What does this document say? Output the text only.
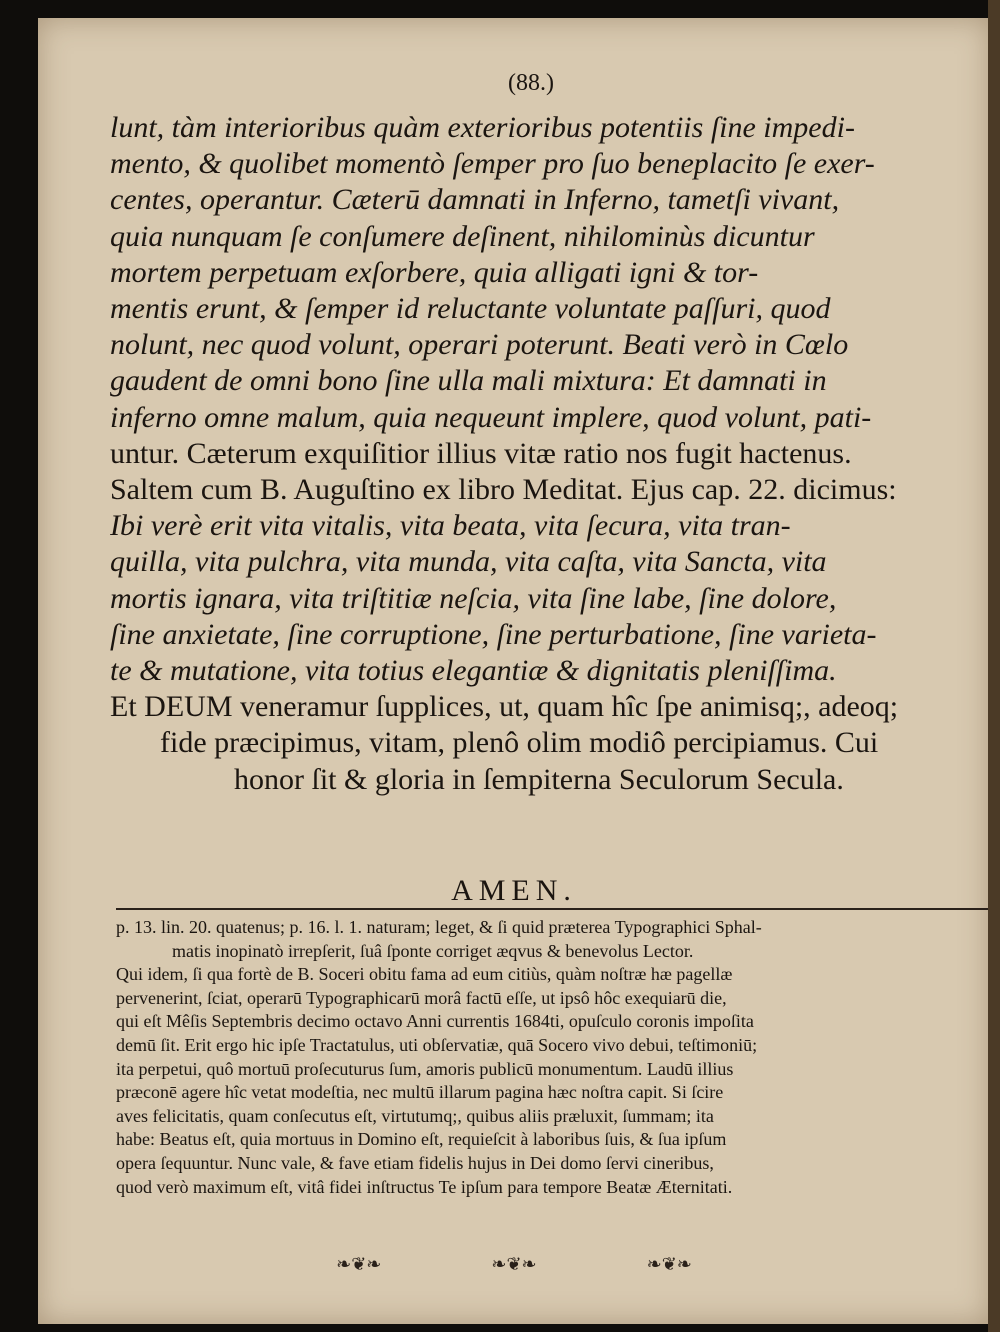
(88.)
lunt, tàm interioribus quàm exterioribus potentiis ſine impedi-
mento, & quolibet momentò ſemper pro ſuo beneplacito ſe exer-
centes, operantur. Cæterū damnati in Inferno, tametſi vivant,
quia nunquam ſe conſumere deſinent, nihilominùs dicuntur
mortem perpetuam exſorbere, quia alligati igni & tor-
mentis erunt, & ſemper id reluctante voluntate paſſuri, quod
nolunt, nec quod volunt, operari poterunt. Beati verò in Cœlo
gaudent de omni bono ſine ulla mali mixtura: Et damnati in
inferno omne malum, quia nequeunt implere, quod volunt, pati-
untur. Cæterum exquiſitior illius vitæ ratio nos fugit hactenus.
Saltem cum B. Auguſtino ex libro Meditat. Ejus cap. 22. dicimus:
Ibi verè erit vita vitalis, vita beata, vita ſecura, vita tran-
quilla, vita pulchra, vita munda, vita caſta, vita Sancta, vita
mortis ignara, vita triſtitiæ neſcia, vita ſine labe, ſine dolore,
ſine anxietate, ſine corruptione, ſine perturbatione, ſine varieta-
te & mutatione, vita totius elegantiæ & dignitatis pleniſſima.
Et DEUM veneramur ſupplices, ut, quam hîc ſpe animisq;, adeoq;
fide præcipimus, vitam, plenô olim modiô percipiamus. Cui
honor ſit & gloria in ſempiterna Seculorum Secula.
AMEN.
p. 13. lin. 20. quatenus; p. 16. l. 1. naturam; leget, & ſi quid præterea Typographici Sphal-
matis inopinatò irrepſerit, ſuâ ſponte corriget æqvus & benevolus Lector.
Qui idem, ſi qua fortè de B. Soceri obitu fama ad eum citiùs, quàm noſtræ hæ pagellæ
pervenerint, ſciat, operarū Typographicarū morâ factū eſſe, ut ipsô hôc exequiarū die,
qui eſt Mêſis Septembris decimo octavo Anni currentis 1684ti, opuſculo coronis impoſita
demū ſit. Erit ergo hic ipſe Tractatulus, uti obſervatiæ, quā Socero vivo debui, teſtimoniū;
ita perpetui, quô mortuū proſecuturus ſum, amoris publicū monumentum. Laudū illius
præconē agere hîc vetat modeſtia, nec multū illarum pagina hæc noſtra capit. Si ſcire
aves felicitatis, quam conſecutus eſt, virtutumq;, quibus aliis præluxit, ſummam; ita
habe: Beatus eſt, quia mortuus in Domino eſt, requieſcit à laboribus ſuis, & ſua ipſum
opera ſequuntur. Nunc vale, & fave etiam fidelis hujus in Dei domo ſervi cineribus,
quod verò maximum eſt, vitâ fidei inſtructus Te ipſum para tempore Beatæ Æternitati.
❧❦❧	❧❦❧	❧❦❧
